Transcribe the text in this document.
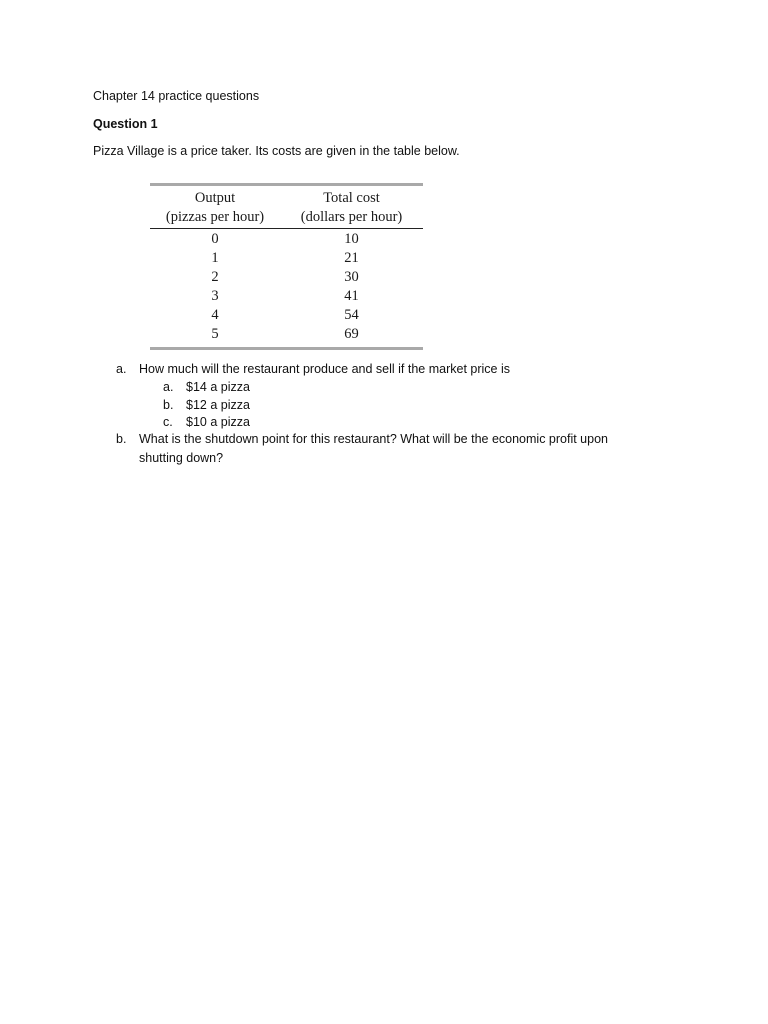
Chapter 14 practice questions
Question 1
Pizza Village is a price taker. Its costs are given in the table below.
Output	Total cost
(pizzas per hour)	(dollars per hour)
0	10
1	21
2	30
3	41
4	54
5	69
a. How much will the restaurant produce and sell if the market price is
a. $14 a pizza
b. $12 a pizza
c. $10 a pizza
b. What is the shutdown point for this restaurant? What will be the economic profit upon
shutting down?
